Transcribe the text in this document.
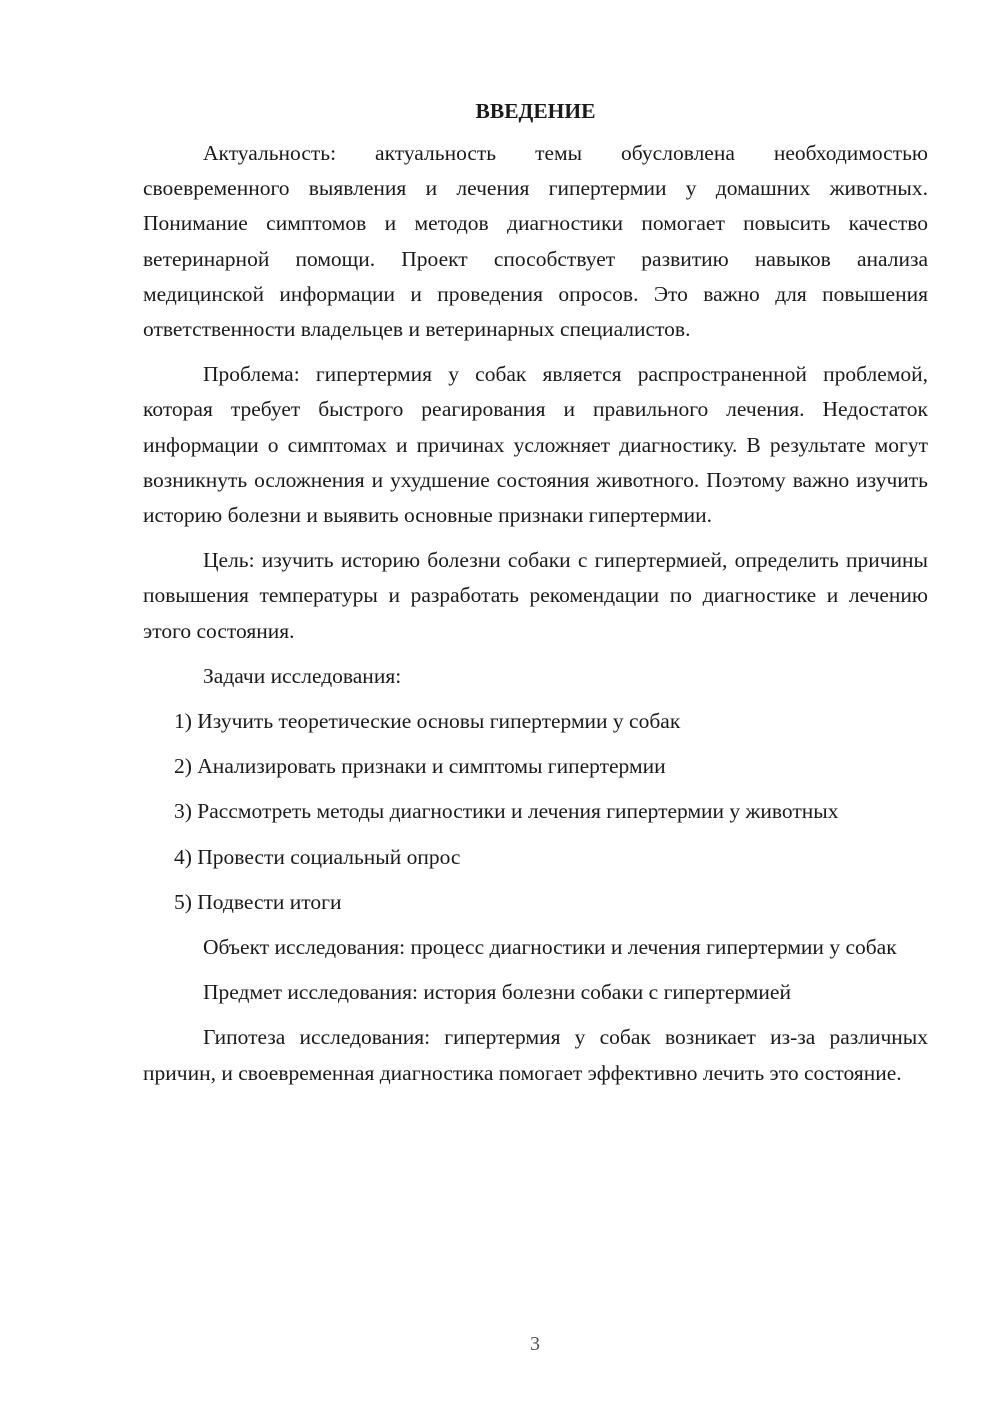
ВВЕДЕНИЕ

Актуальность: актуальность темы обусловлена необходимостью своевременного выявления и лечения гипертермии у домашних животных. Понимание симптомов и методов диагностики помогает повысить качество ветеринарной помощи. Проект способствует развитию навыков анализа медицинской информации и проведения опросов. Это важно для повышения ответственности владельцев и ветеринарных специалистов.

Проблема: гипертермия у собак является распространенной проблемой, которая требует быстрого реагирования и правильного лечения. Недостаток информации о симптомах и причинах усложняет диагностику. В результате могут возникнуть осложнения и ухудшение состояния животного. Поэтому важно изучить историю болезни и выявить основные признаки гипертермии.

Цель: изучить историю болезни собаки с гипертермией, определить причины повышения температуры и разработать рекомендации по диагностике и лечению этого состояния.

Задачи исследования:

1) Изучить теоретические основы гипертермии у собак

2) Анализировать признаки и симптомы гипертермии

3) Рассмотреть методы диагностики и лечения гипертермии у животных

4) Провести социальный опрос

5) Подвести итоги

Объект исследования: процесс диагностики и лечения гипертермии у собак

Предмет исследования: история болезни собаки с гипертермией

Гипотеза исследования: гипертермия у собак возникает из-за различных причин, и своевременная диагностика помогает эффективно лечить это состояние.

3
